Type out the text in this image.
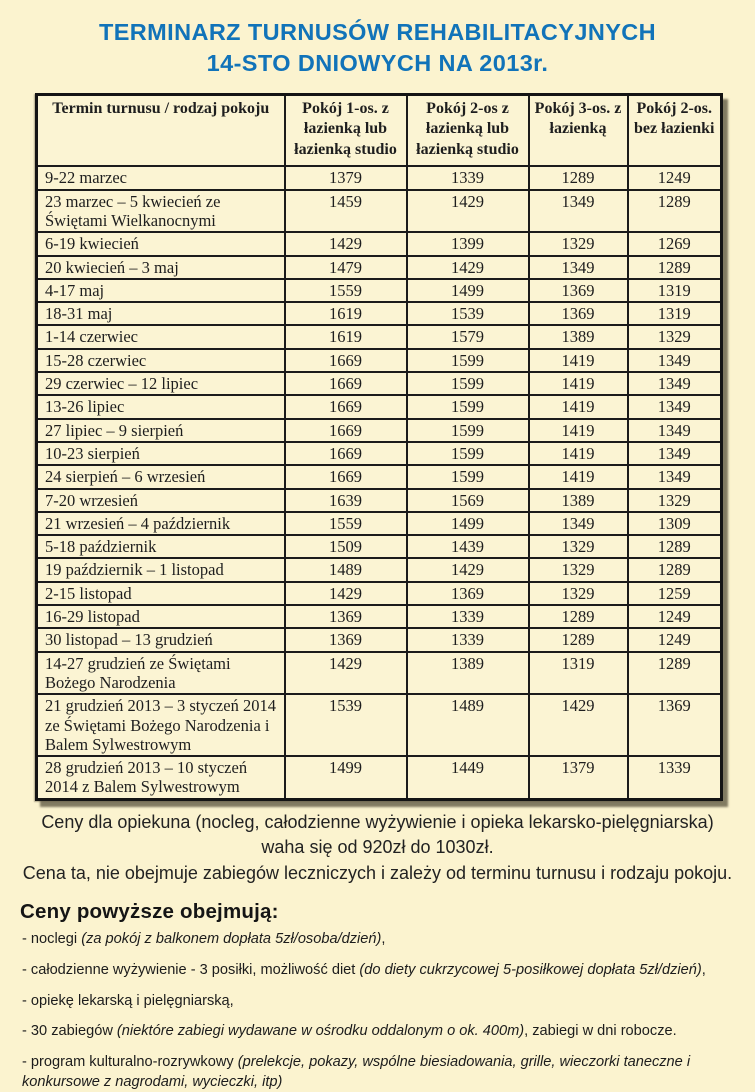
TERMINARZ TURNUSÓW REHABILITACYJNYCH
14-STO DNIOWYCH NA 2013r.
Termin turnusu / rodzaj pokoju	Pokój 1-os. z łazienką lub łazienką studio	Pokój 2-os z łazienką lub łazienką studio	Pokój 3-os. z łazienką	Pokój 2-os. bez łazienki
9-22 marzec	1379	1339	1289	1249
23 marzec – 5 kwiecień ze Świętami Wielkanocnymi	1459	1429	1349	1289
6-19 kwiecień	1429	1399	1329	1269
20 kwiecień – 3 maj	1479	1429	1349	1289
4-17 maj	1559	1499	1369	1319
18-31 maj	1619	1539	1369	1319
1-14 czerwiec	1619	1579	1389	1329
15-28 czerwiec	1669	1599	1419	1349
29 czerwiec – 12 lipiec	1669	1599	1419	1349
13-26 lipiec	1669	1599	1419	1349
27 lipiec – 9 sierpień	1669	1599	1419	1349
10-23 sierpień	1669	1599	1419	1349
24 sierpień – 6 wrzesień	1669	1599	1419	1349
7-20 wrzesień	1639	1569	1389	1329
21 wrzesień – 4 październik	1559	1499	1349	1309
5-18 październik	1509	1439	1329	1289
19 październik – 1 listopad	1489	1429	1329	1289
2-15 listopad	1429	1369	1329	1259
16-29 listopad	1369	1339	1289	1249
30 listopad – 13 grudzień	1369	1339	1289	1249
14-27 grudzień ze Świętami Bożego Narodzenia	1429	1389	1319	1289
21 grudzień 2013 – 3 styczeń 2014 ze Świętami Bożego Narodzenia i Balem Sylwestrowym	1539	1489	1429	1369
28 grudzień 2013 – 10 styczeń 2014 z Balem Sylwestrowym	1499	1449	1379	1339
Ceny dla opiekuna (nocleg, całodzienne wyżywienie i opieka lekarsko-pielęgniarska)
waha się od 920zł do 1030zł.
Cena ta, nie obejmuje zabiegów leczniczych i zależy od terminu turnusu i rodzaju pokoju.
Ceny powyższe obejmują:
- noclegi (za pokój z balkonem dopłata 5zł/osoba/dzień),
- całodzienne wyżywienie - 3 posiłki, możliwość diet (do diety cukrzycowej 5-posiłkowej dopłata 5zł/dzień),
- opiekę lekarską i pielęgniarską,
- 30 zabiegów (niektóre zabiegi wydawane w ośrodku oddalonym o ok. 400m), zabiegi w dni robocze.
- program kulturalno-rozrywkowy (prelekcje, pokazy, wspólne biesiadowania, grille, wieczorki taneczne i konkursowe z nagrodami, wycieczki, itp)
